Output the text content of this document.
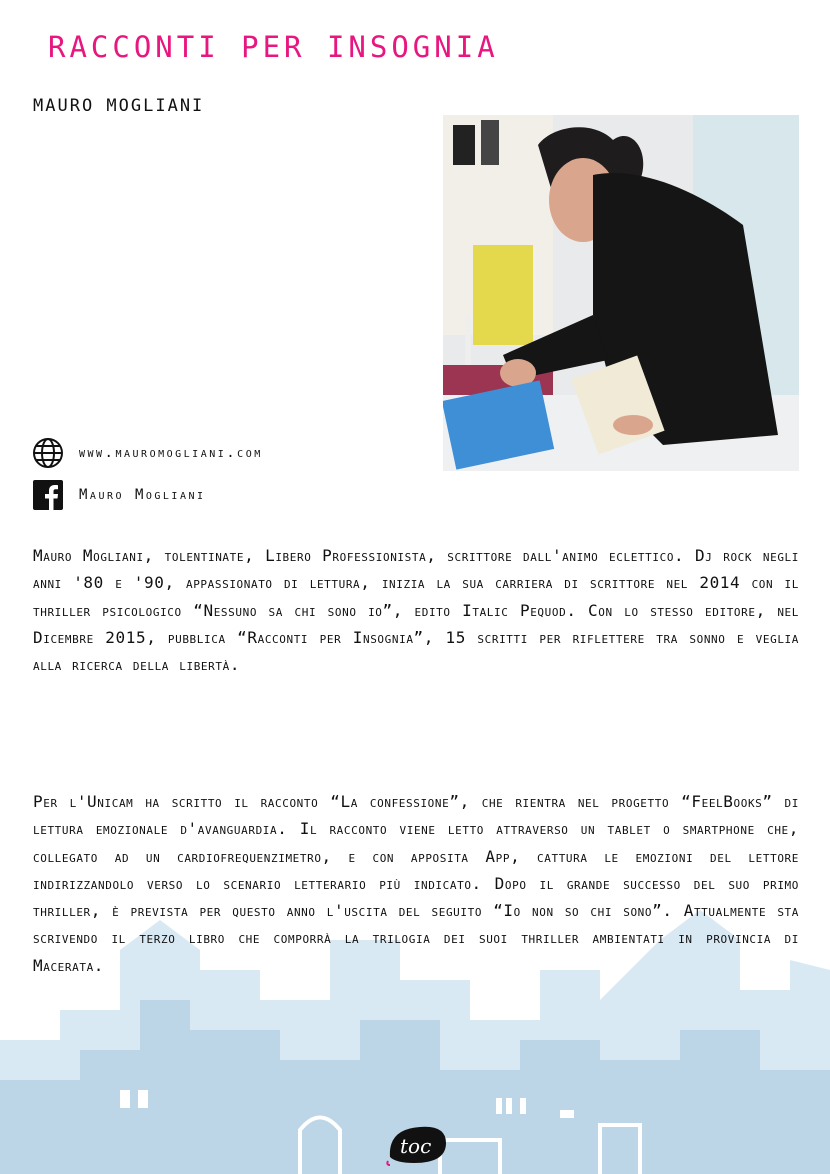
RACCONTI PER INSOGNIA
MAURO MOGLIANI
www.mauromogliani.com
Mauro Mogliani

Mauro Mogliani, tolentinate, Libero Professionista, scrittore dall'animo eclettico. Dj rock negli anni '80 e '90, appassionato di lettura, inizia la sua carriera di scrittore nel 2014 con il thriller psicologico “Nessuno sa chi sono io”, edito Italic Pequod. Con lo stesso editore, nel Dicembre 2015, pubblica “Racconti per Insognia”, 15 scritti per riflettere tra sonno e veglia alla ricerca della libertà.

Per l'Unicam ha scritto il racconto “La confessione”, che rientra nel progetto “FeelBooks” di lettura emozionale d'avanguardia. Il racconto viene letto attraverso un tablet o smartphone che, collegato ad un cardiofrequenzimetro, e con apposita App, cattura le emozioni del lettore indirizzandolo verso lo scenario letterario più indicato. Dopo il grande successo del suo primo thriller, è prevista per questo anno l'uscita del seguito “Io non so chi sono”. Attualmente sta scrivendo il terzo libro che comporrà la trilogia dei suoi thriller ambientati in provincia di Macerata.

toc
